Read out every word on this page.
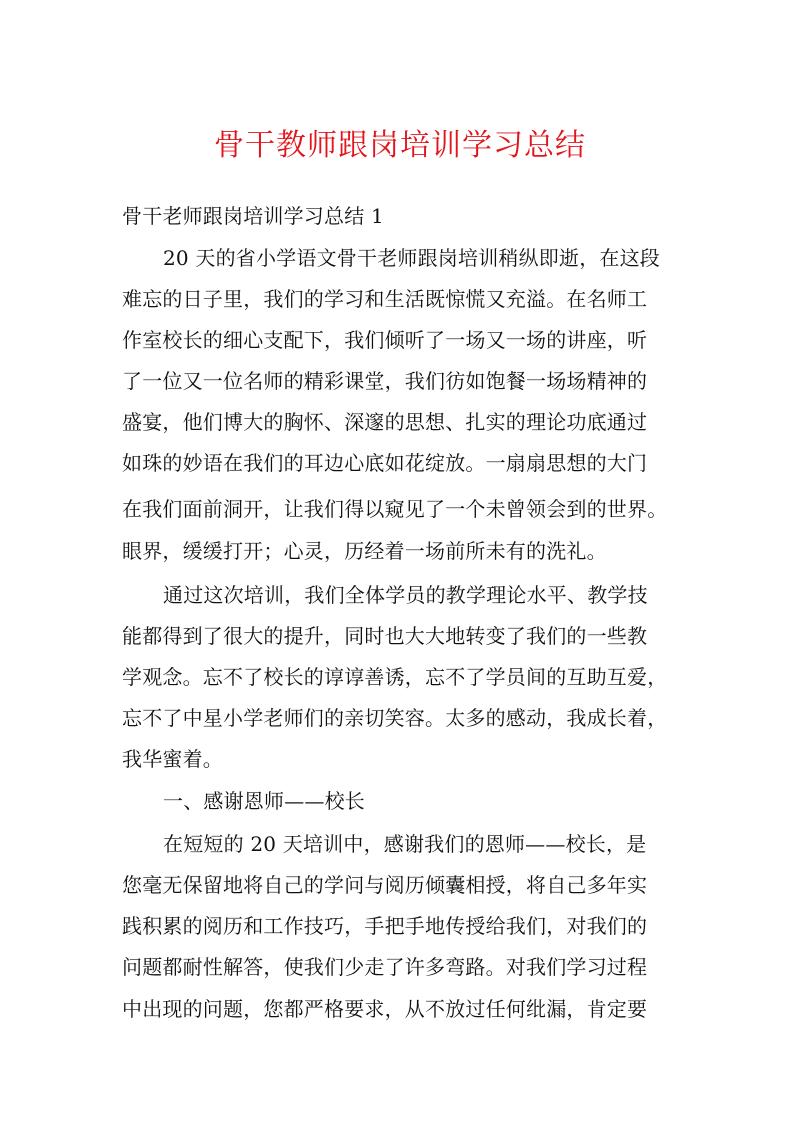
骨干教师跟岗培训学习总结
骨干老师跟岗培训学习总结 1
20 天的省小学语文骨干老师跟岗培训稍纵即逝，在这段
难忘的日子里，我们的学习和生活既惊慌又充溢。在名师工
作室校长的细心支配下，我们倾听了一场又一场的讲座，听
了一位又一位名师的精彩课堂，我们彷如饱餐一场场精神的
盛宴，他们博大的胸怀、深邃的思想、扎实的理论功底通过
如珠的妙语在我们的耳边心底如花绽放。一扇扇思想的大门
在我们面前洞开，让我们得以窥见了一个未曾领会到的世界。
眼界，缓缓打开；心灵，历经着一场前所未有的洗礼。
通过这次培训，我们全体学员的教学理论水平、教学技
能都得到了很大的提升，同时也大大地转变了我们的一些教
学观念。忘不了校长的谆谆善诱，忘不了学员间的互助互爱，
忘不了中星小学老师们的亲切笑容。太多的感动，我成长着，
我华蜜着。
一、感谢恩师——校长
在短短的 20 天培训中，感谢我们的恩师——校长，是
您毫无保留地将自己的学问与阅历倾囊相授，将自己多年实
践积累的阅历和工作技巧，手把手地传授给我们，对我们的
问题都耐性解答，使我们少走了许多弯路。对我们学习过程
中出现的问题，您都严格要求，从不放过任何纰漏，肯定要
